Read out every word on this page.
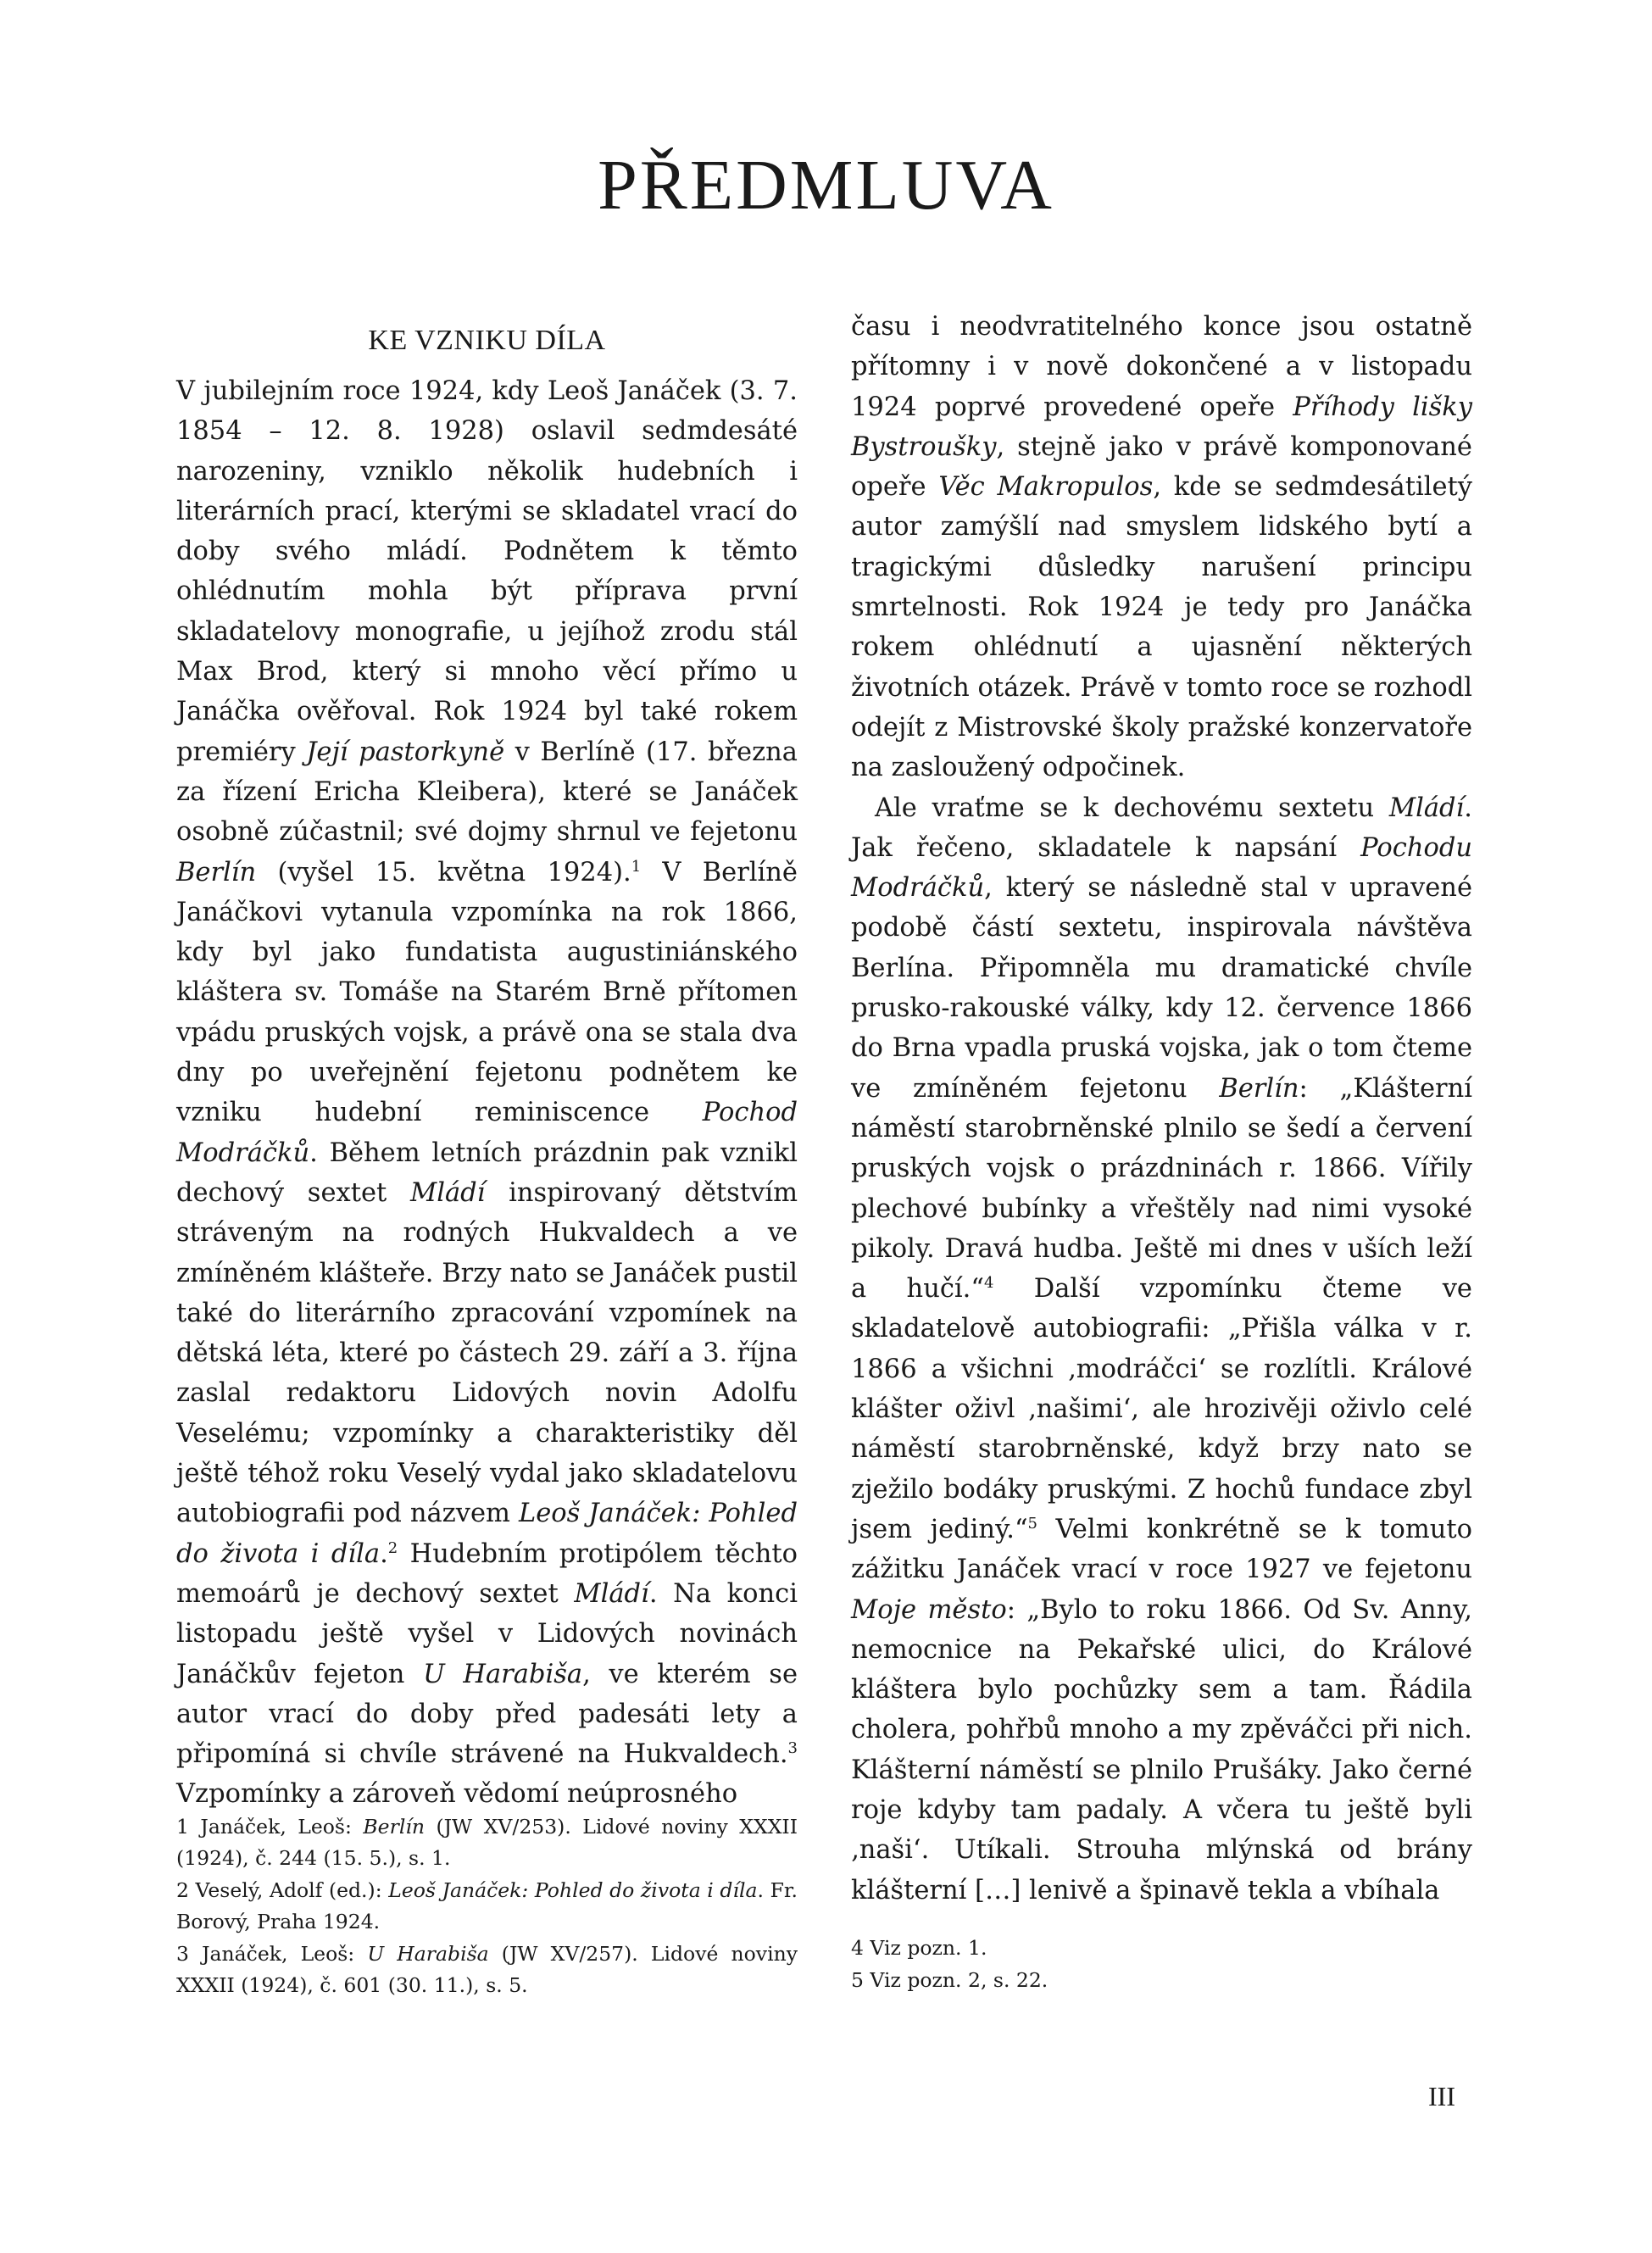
PŘEDMLUVA
KE VZNIKU DÍLA

V jubilejním roce 1924, kdy Leoš Janáček (3. 7. 1854 – 12. 8. 1928) oslavil sedmdesáté narozeniny, vzniklo několik hudebních i literárních prací, kterými se skladatel vrací do doby svého mládí. Podnětem k těmto ohlédnutím mohla být příprava první skladatelovy monografie, u jejíhož zrodu stál Max Brod, který si mnoho věcí přímo u Janáčka ověřoval. Rok 1924 byl také rokem premiéry Její pastorkyně v Berlíně (17. března za řízení Ericha Kleibera), které se Janáček osobně zúčastnil; své dojmy shrnul ve fejetonu Berlín (vyšel 15. května 1924).$^1$ V Berlíně Janáčkovi vytanula vzpomínka na rok 1866, kdy byl jako fundatista augustiniánského kláštera sv. Tomáše na Starém Brně přítomen vpádu pruských vojsk, a právě ona se stala dva dny po uveřejnění fejetonu podnětem ke vzniku hudební reminiscence Pochod Modráčků. Během letních prázdnin pak vznikl dechový sextet Mládí inspirovaný dětstvím stráveným na rodných Hukvaldech a ve zmíněném klášteře. Brzy nato se Janáček pustil také do literárního zpracování vzpomínek na dětská léta, které po částech 29. září a 3. října zaslal redaktoru Lidových novin Adolfu Veselému; vzpomínky a charakteristiky děl ještě téhož roku Veselý vydal jako skladatelovu autobiografii pod názvem Leoš Janáček: Pohled do života i díla.$^2$ Hudebním protipólem těchto memoárů je dechový sextet Mládí. Na konci listopadu ještě vyšel v Lidových novinách Janáčkův fejeton U Harabiša, ve kterém se autor vrací do doby před padesáti lety a připomíná si chvíle strávené na Hukvaldech.$^3$ Vzpomínky a zároveň vědomí neúprosného

času i neodvratitelného konce jsou ostatně přítomny i v nově dokončené a v listopadu 1924 poprvé provedené opeře Příhody lišky Bystroušky, stejně jako v právě komponované opeře Věc Makropulos, kde se sedmdesátiletý autor zamýšlí nad smyslem lidského bytí a tragickými důsledky narušení principu smrtelnosti. Rok 1924 je tedy pro Janáčka rokem ohlédnutí a ujasnění některých životních otázek. Právě v tomto roce se rozhodl odejít z Mistrovské školy pražské konzervatoře na zasloužený odpočinek.

Ale vraťme se k dechovému sextetu Mládí. Jak řečeno, skladatele k napsání Pochodu Modráčků, který se následně stal v upravené podobě částí sextetu, inspirovala návštěva Berlína. Připomněla mu dramatické chvíle prusko-rakouské války, kdy 12. července 1866 do Brna vpadla pruská vojska, jak o tom čteme ve zmíněném fejetonu Berlín: „Klášterní náměstí starobrněnské plnilo se šedí a červení pruských vojsk o prázdninách r. 1866. Vířily plechové bubínky a vřeštěly nad nimi vysoké pikoly. Dravá hudba. Ještě mi dnes v uších leží a hučí.“$^4$ Další vzpomínku čteme ve skladatelově autobiografii: „Přišla válka v r. 1866 a všichni ‚modráčci‘ se rozlítli. Králové klášter oživl ‚našimi‘, ale hrozivěji oživlo celé náměstí starobrněnské, když brzy nato se zježilo bodáky pruskými. Z hochů fundace zbyl jsem jediný.“$^5$ Velmi konkrétně se k tomuto zážitku Janáček vrací v roce 1927 ve fejetonu Moje město: „Bylo to roku 1866. Od Sv. Anny, nemocnice na Pekařské ulici, do Králové kláštera bylo pochůzky sem a tam. Řádila cholera, pohřbů mnoho a my zpěváčci při nich. Klášterní náměstí se plnilo Prušáky. Jako černé roje kdyby tam padaly. A včera tu ještě byli ‚naši‘. Utíkali. Strouha mlýnská od brány klášterní […] lenivě a špinavě tekla a vbíhala

1 Janáček, Leoš: Berlín (JW XV/253). Lidové noviny XXXII (1924), č. 244 (15. 5.), s. 1.

2 Veselý, Adolf (ed.): Leoš Janáček: Pohled do života i díla. Fr. Borový, Praha 1924.

3 Janáček, Leoš: U Harabiša (JW XV/257). Lidové noviny XXXII (1924), č. 601 (30. 11.), s. 5.

4 Viz pozn. 1.

5 Viz pozn. 2, s. 22.

III
